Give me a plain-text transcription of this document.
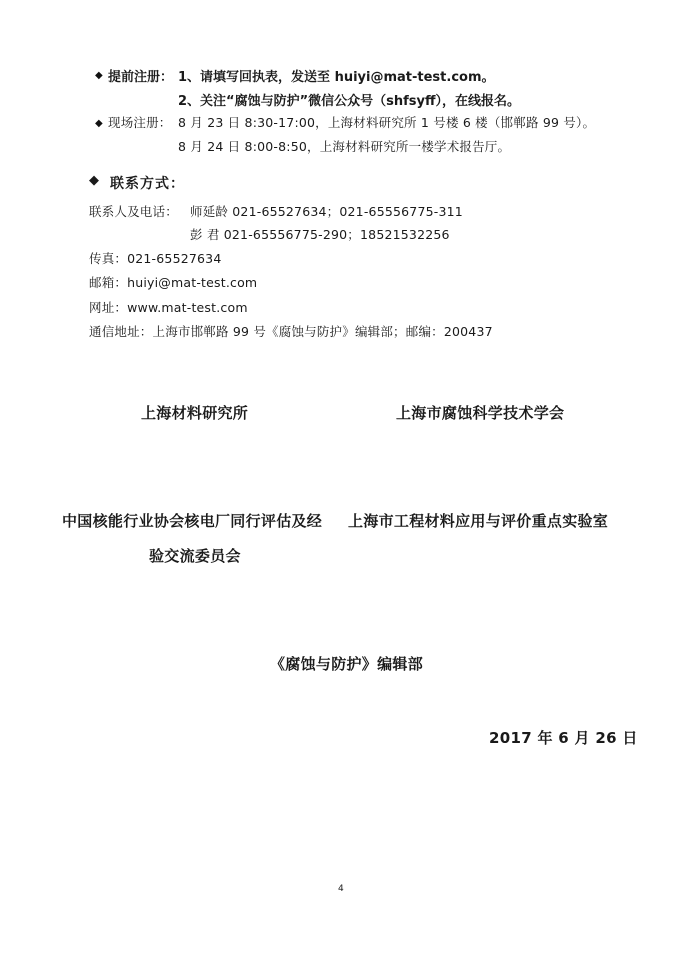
◆ 提前注册： 1、请填写回执表，发送至 huiyi@mat-test.com。
2、关注“腐蚀与防护”微信公众号（shfsyff），在线报名。
◆ 现场注册： 8 月 23 日 8:30-17:00，上海材料研究所 1 号楼 6 楼（邯郸路 99 号）。
8 月 24 日 8:00-8:50，上海材料研究所一楼学术报告厅。
◆ 联系方式：
联系人及电话： 师延龄 021-65527634；021-65556775-311
彭 君 021-65556775-290；18521532256
传真：021-65527634
邮箱：huiyi@mat-test.com
网址：www.mat-test.com
通信地址：上海市邯郸路 99 号《腐蚀与防护》编辑部；邮编：200437
上海材料研究所	上海市腐蚀科学技术学会
中国核能行业协会核电厂同行评估及经
验交流委员会
上海市工程材料应用与评价重点实验室
《腐蚀与防护》编辑部
2017 年 6 月 26 日
4
